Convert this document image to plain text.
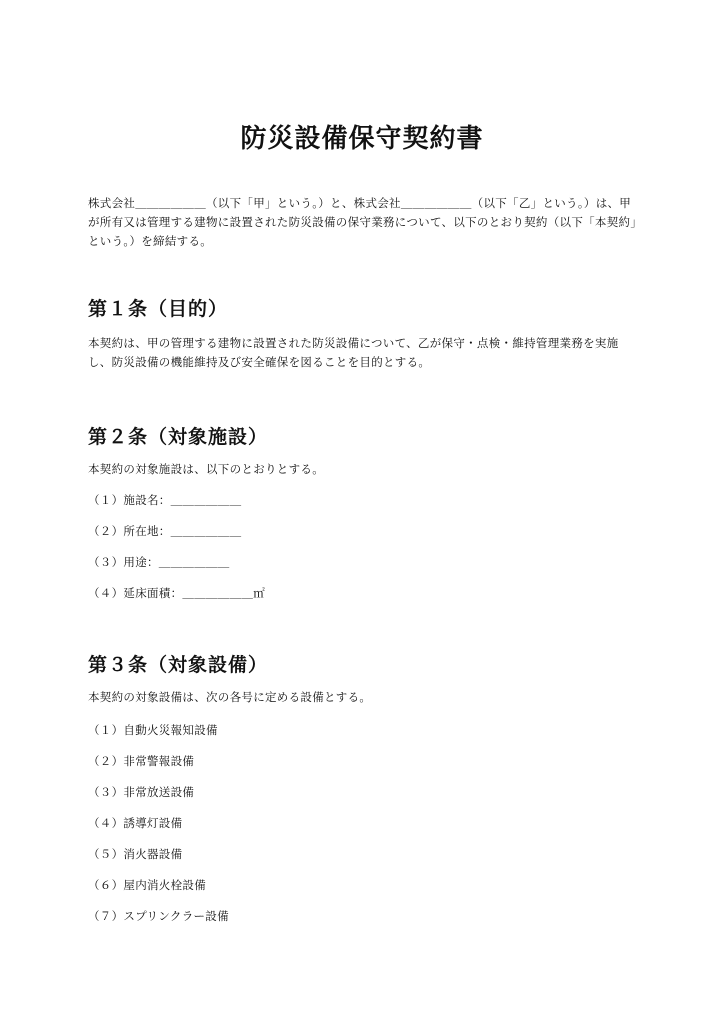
防災設備保守契約書
株式会社＿＿＿＿＿＿（以下「甲」という。）と、株式会社＿＿＿＿＿＿（以下「乙」という。）は、甲が所有又は管理する建物に設置された防災設備の保守業務について、以下のとおり契約（以下「本契約」という。）を締結する。
第１条（目的）
本契約は、甲の管理する建物に設置された防災設備について、乙が保守・点検・維持管理業務を実施し、防災設備の機能維持及び安全確保を図ることを目的とする。
第２条（対象施設）
本契約の対象施設は、以下のとおりとする。
（１）施設名：＿＿＿＿＿＿
（２）所在地：＿＿＿＿＿＿
（３）用途：＿＿＿＿＿＿
（４）延床面積：＿＿＿＿＿＿㎡
第３条（対象設備）
本契約の対象設備は、次の各号に定める設備とする。
（１）自動火災報知設備
（２）非常警報設備
（３）非常放送設備
（４）誘導灯設備
（５）消火器設備
（６）屋内消火栓設備
（７）スプリンクラー設備
